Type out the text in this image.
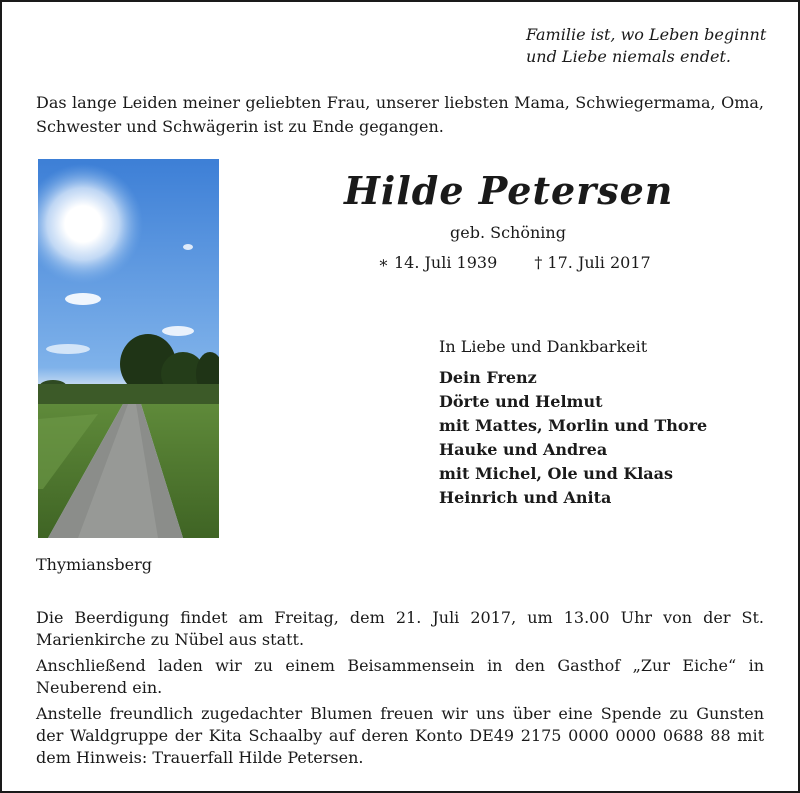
Familie ist, wo Leben beginnt
und Liebe niemals endet.
Das lange Leiden meiner geliebten Frau, unserer liebsten Mama, Schwiegermama, Oma, Schwester und Schwägerin ist zu Ende gegangen.
Thymiansberg
Hilde Petersen
geb. Schöning
∗ 14. Juli 1939 † 17. Juli 2017
In Liebe und Dankbarkeit
Dein Frenz
Dörte und Helmut
mit Mattes, Morlin und Thore
Hauke und Andrea
mit Michel, Ole und Klaas
Heinrich und Anita

Die Beerdigung findet am Freitag, dem 21. Juli 2017, um 13.00 Uhr von der St. Marienkirche zu Nübel aus statt.

Anschließend laden wir zu einem Beisammensein in den Gasthof „Zur Eiche“ in Neuberend ein.

Anstelle freundlich zugedachter Blumen freuen wir uns über eine Spende zu Gunsten der Waldgruppe der Kita Schaalby auf deren Konto DE49 2175 0000 0000 0688 88 mit dem Hinweis: Trauerfall Hilde Petersen.
